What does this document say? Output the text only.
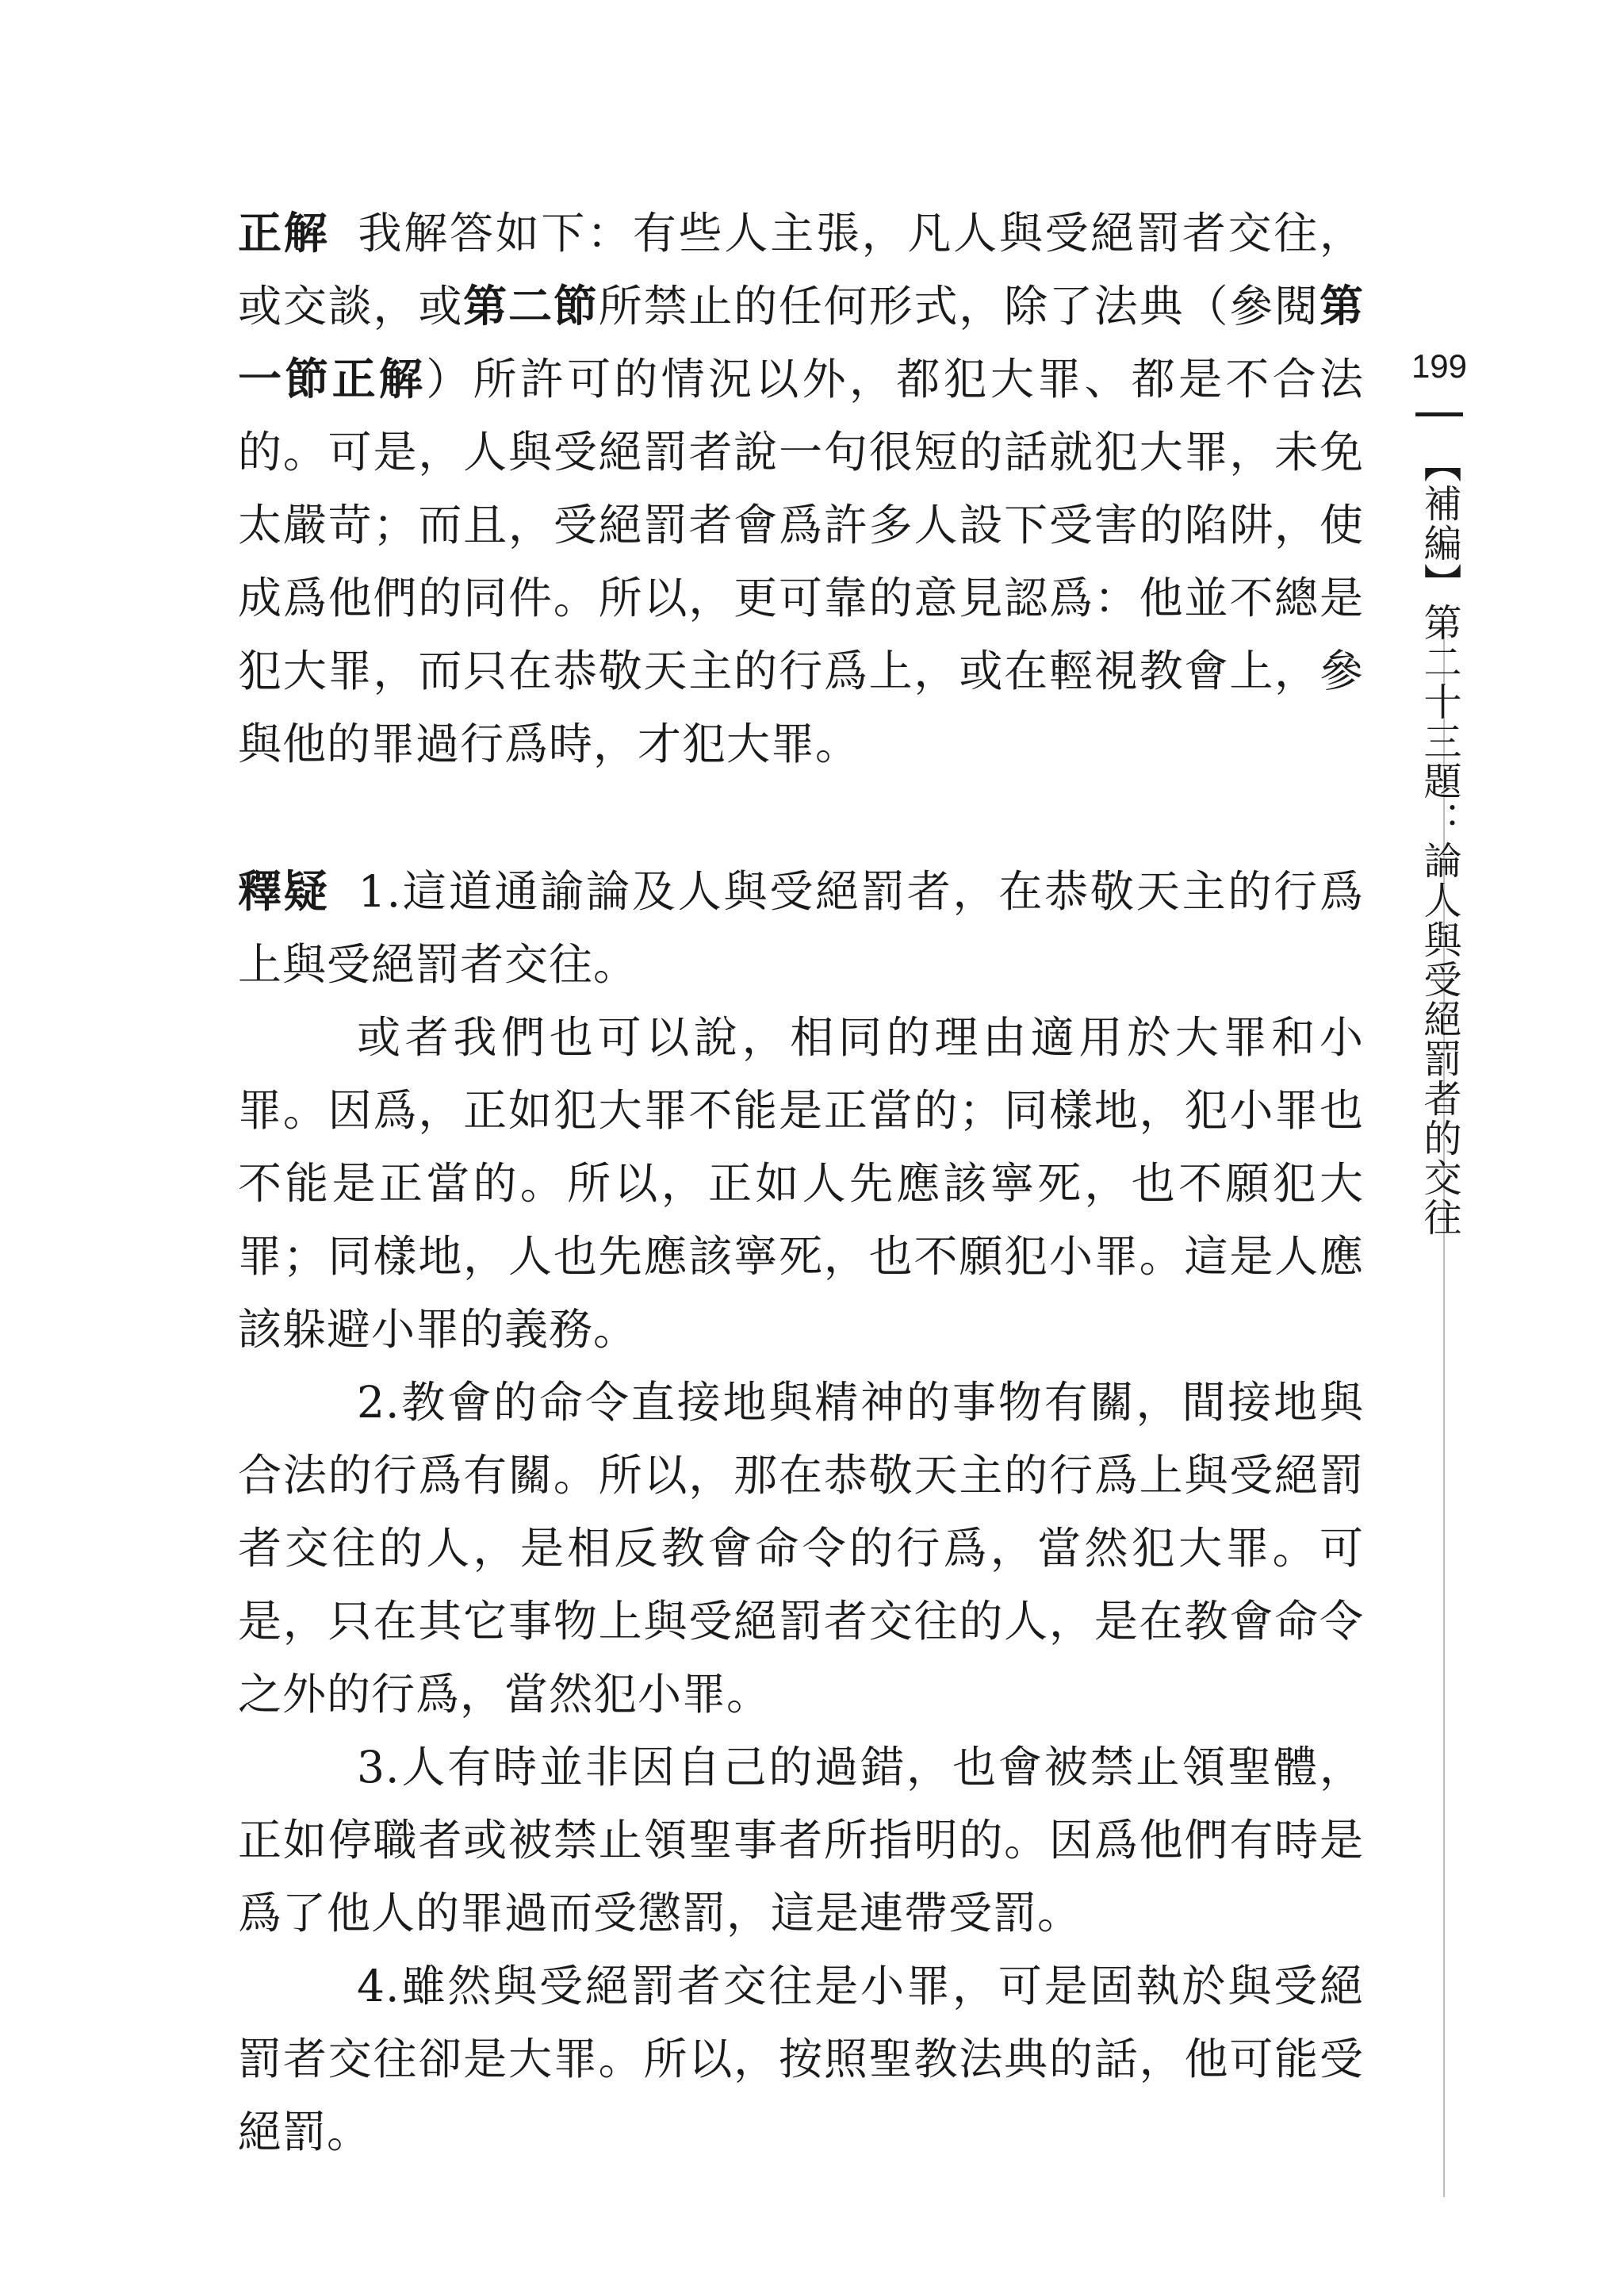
正解 我解答如下：有些人主張，凡人與受絕罰者交往，或交談，或第二節所禁止的任何形式，除了法典（參閱第一節正解）所許可的情況以外，都犯大罪、都是不合法的。可是，人與受絕罰者說一句很短的話就犯大罪，未免太嚴苛；而且，受絕罰者會爲許多人設下受害的陷阱，使成爲他們的同件。所以，更可靠的意見認爲：他並不總是犯大罪，而只在恭敬天主的行爲上，或在輕視教會上，參與他的罪過行爲時，才犯大罪。

釋疑 1.這道通諭論及人與受絕罰者，在恭敬天主的行爲上與受絕罰者交往。

或者我們也可以說，相同的理由適用於大罪和小罪。因爲，正如犯大罪不能是正當的；同樣地，犯小罪也不能是正當的。所以，正如人先應該寧死，也不願犯大罪；同樣地，人也先應該寧死，也不願犯小罪。這是人應該躲避小罪的義務。

2.教會的命令直接地與精神的事物有關，間接地與合法的行爲有關。所以，那在恭敬天主的行爲上與受絕罰者交往的人，是相反教會命令的行爲，當然犯大罪。可是，只在其它事物上與受絕罰者交往的人，是在教會命令之外的行爲，當然犯小罪。

3.人有時並非因自己的過錯，也會被禁止領聖體，正如停職者或被禁止領聖事者所指明的。因爲他們有時是爲了他人的罪過而受懲罰，這是連帶受罰。

4.雖然與受絕罰者交往是小罪，可是固執於與受絕罰者交往卻是大罪。所以，按照聖教法典的話，他可能受絕罰。

199
【補編】第二十三題：論人與受絕罰者的交往
